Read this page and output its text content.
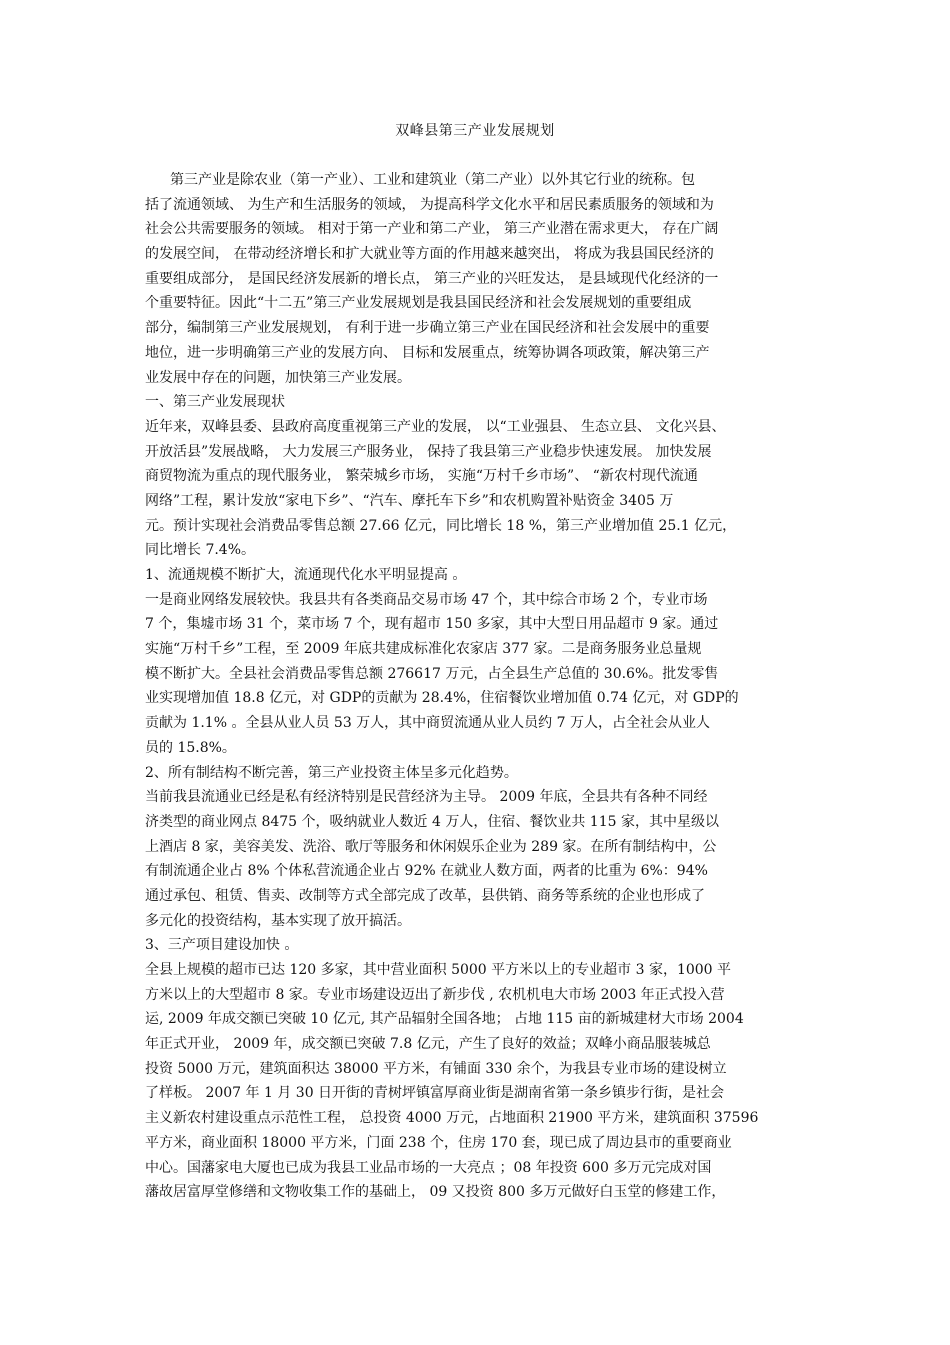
双峰县第三产业发展规划
第三产业是除农业（第一产业）、工业和建筑业（第二产业）以外其它行业的统称。包
括了流通领域、 为生产和生活服务的领域， 为提高科学文化水平和居民素质服务的领域和为
社会公共需要服务的领域。 相对于第一产业和第二产业， 第三产业潜在需求更大， 存在广阔
的发展空间， 在带动经济增长和扩大就业等方面的作用越来越突出， 将成为我县国民经济的
重要组成部分， 是国民经济发展新的增长点， 第三产业的兴旺发达， 是县域现代化经济的一
个重要特征。因此“十二五”第三产业发展规划是我县国民经济和社会发展规划的重要组成
部分，编制第三产业发展规划， 有利于进一步确立第三产业在国民经济和社会发展中的重要
地位，进一步明确第三产业的发展方向、 目标和发展重点，统筹协调各项政策，解决第三产
业发展中存在的问题，加快第三产业发展。
一、第三产业发展现状
近年来，双峰县委、县政府高度重视第三产业的发展， 以“工业强县、 生态立县、 文化兴县、
开放活县”发展战略， 大力发展三产服务业， 保持了我县第三产业稳步快速发展。 加快发展
商贸物流为重点的现代服务业， 繁荣城乡市场， 实施“万村千乡市场”、 “新农村现代流通
网络”工程，累计发放“家电下乡”、“汽车、摩托车下乡”和农机购置补贴资金 3405 万
元。预计实现社会消费品零售总额 27.66 亿元，同比增长 18 %，第三产业增加值 25.1 亿元，
同比增长 7.4%。
1、流通规模不断扩大，流通现代化水平明显提高 。
一是商业网络发展较快。我县共有各类商品交易市场 47 个，其中综合市场 2 个，专业市场
7 个，集墟市场 31 个，菜市场 7 个，现有超市 150 多家，其中大型日用品超市 9 家。通过
实施“万村千乡”工程，至 2009 年底共建成标准化农家店 377 家。二是商务服务业总量规
模不断扩大。全县社会消费品零售总额 276617 万元，占全县生产总值的 30.6%。批发零售
业实现增加值 18.8 亿元，对 GDP的贡献为 28.4%，住宿餐饮业增加值 0.74 亿元，对 GDP的
贡献为 1.1% 。全县从业人员 53 万人，其中商贸流通从业人员约 7 万人，占全社会从业人
员的 15.8%。
2、所有制结构不断完善，第三产业投资主体呈多元化趋势。
当前我县流通业已经是私有经济特别是民营经济为主导。 2009 年底，全县共有各种不同经
济类型的商业网点 8475 个，吸纳就业人数近 4 万人，住宿、餐饮业共 115 家，其中星级以
上酒店 8 家，美容美发、洗浴、歌厅等服务和休闲娱乐企业为 289 家。在所有制结构中，公
有制流通企业占 8% 个体私营流通企业占 92% 在就业人数方面，两者的比重为 6%：94%
通过承包、租赁、售卖、改制等方式全部完成了改革，县供销、商务等系统的企业也形成了
多元化的投资结构，基本实现了放开搞活。
3、三产项目建设加快 。
全县上规模的超市已达 120 多家，其中营业面积 5000 平方米以上的专业超市 3 家，1000 平
方米以上的大型超市 8 家。专业市场建设迈出了新步伐 , 农机机电大市场 2003 年正式投入营
运, 2009 年成交额已突破 10 亿元, 其产品辐射全国各地； 占地 115 亩的新城建材大市场 2004
年正式开业， 2009 年，成交额已突破 7.8 亿元，产生了良好的效益；双峰小商品服装城总
投资 5000 万元，建筑面积达 38000 平方米，有铺面 330 余个，为我县专业市场的建设树立
了样板。 2007 年 1 月 30 日开街的青树坪镇富厚商业街是湖南省第一条乡镇步行街，是社会
主义新农村建设重点示范性工程， 总投资 4000 万元，占地面积 21900 平方米，建筑面积 37596
平方米，商业面积 18000 平方米，门面 238 个，住房 170 套，现已成了周边县市的重要商业
中心。国藩家电大厦也已成为我县工业品市场的一大亮点 ；08 年投资 600 多万元完成对国
藩故居富厚堂修缮和文物收集工作的基础上， 09 又投资 800 多万元做好白玉堂的修建工作，
